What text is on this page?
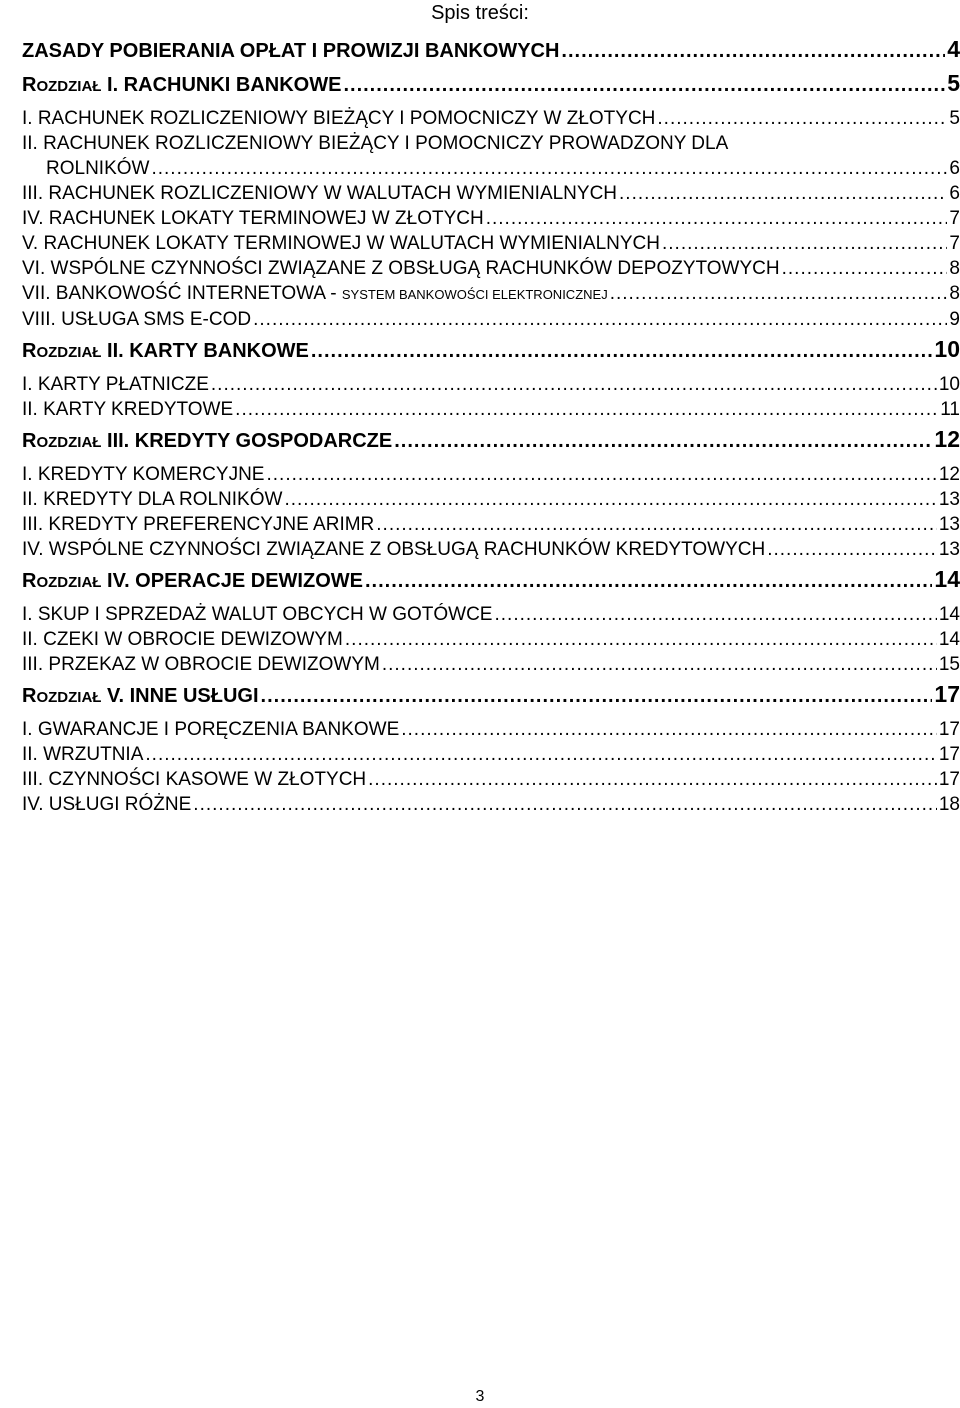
Spis treści:
ZASADY POBIERANIA OPŁAT I PROWIZJI BANKOWYCH .....	4
ROZDZIAŁ I. RACHUNKI BANKOWE .....	5
I. RACHUNEK ROZLICZENIOWY BIEŻĄCY I POMOCNICZY W ZŁOTYCH .....	5
II. RACHUNEK ROZLICZENIOWY BIEŻĄCY I POMOCNICZY PROWADZONY DLA
ROLNIKÓW .....	6
III. RACHUNEK ROZLICZENIOWY W WALUTACH WYMIENIALNYCH .....	6
IV. RACHUNEK LOKATY TERMINOWEJ W ZŁOTYCH .....	7
V. RACHUNEK LOKATY TERMINOWEJ W WALUTACH WYMIENIALNYCH .....	7
VI. WSPÓLNE CZYNNOŚCI ZWIĄZANE Z OBSŁUGĄ RACHUNKÓW DEPOZYTOWYCH .....	8
VII. BANKOWOŚĆ INTERNETOWA - SYSTEM BANKOWOŚCI ELEKTRONICZNEJ .....	8
VIII. USŁUGA SMS E-COD .....	9
ROZDZIAŁ II. KARTY BANKOWE .....	10
I. KARTY PŁATNICZE .....	10
II. KARTY KREDYTOWE .....	11
ROZDZIAŁ III. KREDYTY GOSPODARCZE .....	12
I. KREDYTY KOMERCYJNE .....	12
II. KREDYTY DLA ROLNIKÓW .....	13
III. KREDYTY PREFERENCYJNE ARIMR .....	13
IV. WSPÓLNE CZYNNOŚCI ZWIĄZANE Z OBSŁUGĄ RACHUNKÓW KREDYTOWYCH .....	13
ROZDZIAŁ IV. OPERACJE DEWIZOWE .....	14
I. SKUP I SPRZEDAŻ WALUT OBCYCH W GOTÓWCE .....	14
II. CZEKI W OBROCIE DEWIZOWYM .....	14
III. PRZEKAZ W OBROCIE DEWIZOWYM .....	15
ROZDZIAŁ V. INNE USŁUGI .....	17
I. GWARANCJE I PORĘCZENIA BANKOWE .....	17
II. WRZUTNIA .....	17
III. CZYNNOŚCI KASOWE W ZŁOTYCH .....	17
IV. USŁUGI RÓŻNE .....	18
3
